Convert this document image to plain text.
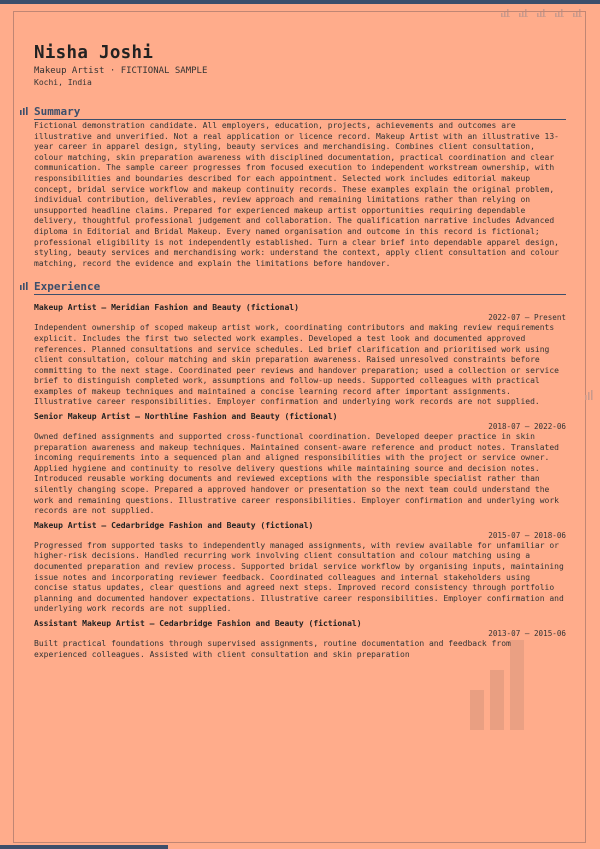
Nisha Joshi
Makeup Artist · FICTIONAL SAMPLE
Kochi, India
Summary

Fictional demonstration candidate. All employers, education, projects, achievements and outcomes are illustrative and unverified. Not a real application or licence record. Makeup Artist with an illustrative 13-year career in apparel design, styling, beauty services and merchandising. Combines client consultation, colour matching, skin preparation awareness with disciplined documentation, practical coordination and clear communication. The sample career progresses from focused execution to independent workstream ownership, with responsibilities and boundaries described for each appointment. Selected work includes editorial makeup concept, bridal service workflow and makeup continuity records. These examples explain the original problem, individual contribution, deliverables, review approach and remaining limitations rather than relying on unsupported headline claims. Prepared for experienced makeup artist opportunities requiring dependable delivery, thoughtful professional judgement and collaboration. The qualification narrative includes Advanced diploma in Editorial and Bridal Makeup. Every named organisation and outcome in this record is fictional; professional eligibility is not independently established. Turn a clear brief into dependable apparel design, styling, beauty services and merchandising work: understand the context, apply client consultation and colour matching, record the evidence and explain the limitations before handover.

Experience

Makeup Artist — Meridian Fashion and Beauty (fictional)

2022-07 – Present

Independent ownership of scoped makeup artist work, coordinating contributors and making review requirements explicit. Includes the first two selected work examples. Developed a test look and documented approved references. Planned consultations and service schedules. Led brief clarification and prioritised work using client consultation, colour matching and skin preparation awareness. Raised unresolved constraints before committing to the next stage. Coordinated peer reviews and handover preparation; used a collection or service brief to distinguish completed work, assumptions and follow-up needs. Supported colleagues with practical examples of makeup techniques and maintained a concise learning record after important assignments. Illustrative career responsibilities. Employer confirmation and underlying work records are not supplied.

Senior Makeup Artist — Northline Fashion and Beauty (fictional)

2018-07 – 2022-06

Owned defined assignments and supported cross-functional coordination. Developed deeper practice in skin preparation awareness and makeup techniques. Maintained consent-aware reference and product notes. Translated incoming requirements into a sequenced plan and aligned responsibilities with the project or service owner. Applied hygiene and continuity to resolve delivery questions while maintaining source and decision notes. Introduced reusable working documents and reviewed exceptions with the responsible specialist rather than silently changing scope. Prepared a approved handover or presentation so the next team could understand the work and remaining questions. Illustrative career responsibilities. Employer confirmation and underlying work records are not supplied.

Makeup Artist — Cedarbridge Fashion and Beauty (fictional)

2015-07 – 2018-06

Progressed from supported tasks to independently managed assignments, with review available for unfamiliar or higher-risk decisions. Handled recurring work involving client consultation and colour matching using a documented preparation and review process. Supported bridal service workflow by organising inputs, maintaining issue notes and incorporating reviewer feedback. Coordinated colleagues and internal stakeholders using concise status updates, clear questions and agreed next steps. Improved record consistency through portfolio planning and documented handover expectations. Illustrative career responsibilities. Employer confirmation and underlying work records are not supplied.

Assistant Makeup Artist — Cedarbridge Fashion and Beauty (fictional)

2013-07 – 2015-06

Built practical foundations through supervised assignments, routine documentation and feedback from experienced colleagues. Assisted with client consultation and skin preparation
